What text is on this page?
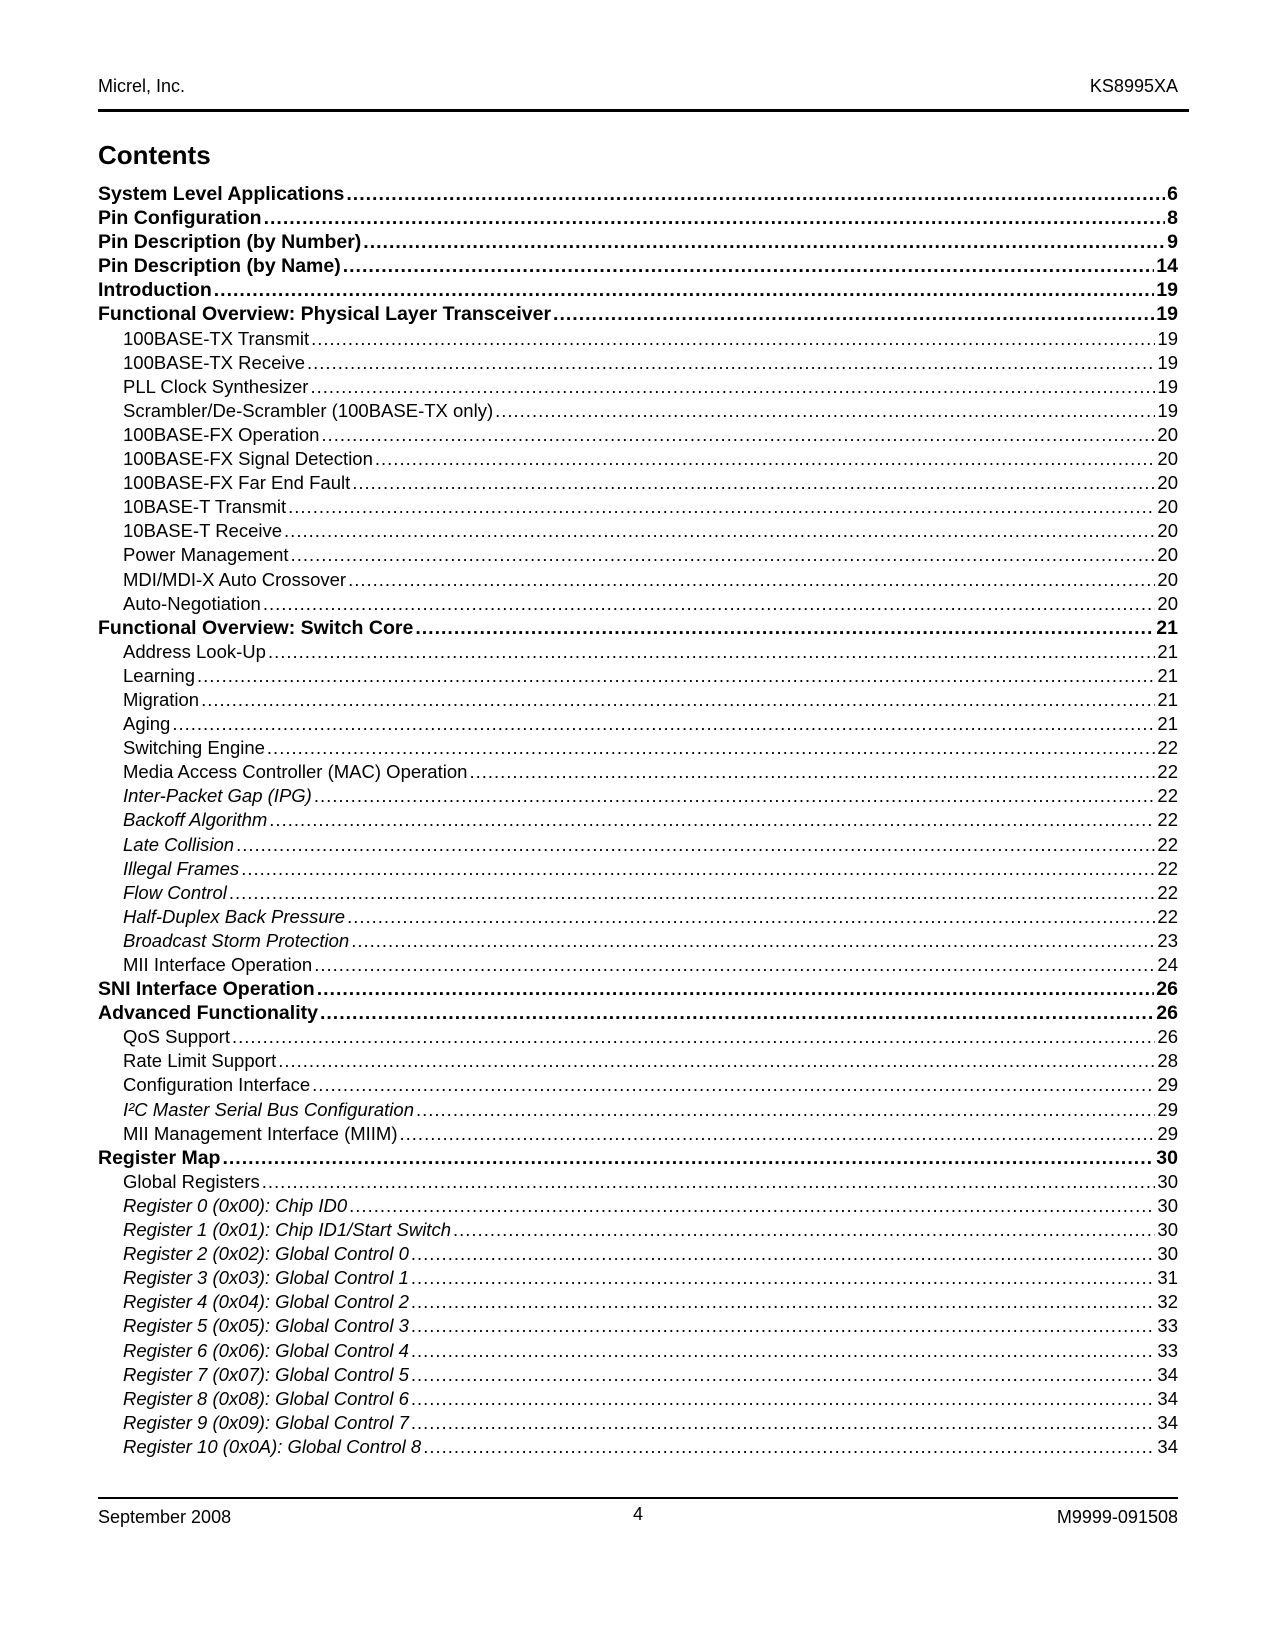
Micrel, Inc.	KS8995XA
Contents
System Level Applications .....	6
Pin Configuration .....	8
Pin Description (by Number) .....	9
Pin Description (by Name) .....	14
Introduction .....	19
Functional Overview: Physical Layer Transceiver .....	19
100BASE-TX Transmit .....	19
100BASE-TX Receive .....	19
PLL Clock Synthesizer .....	19
Scrambler/De-Scrambler (100BASE-TX only) .....	19
100BASE-FX Operation .....	20
100BASE-FX Signal Detection .....	20
100BASE-FX Far End Fault .....	20
10BASE-T Transmit .....	20
10BASE-T Receive .....	20
Power Management .....	20
MDI/MDI-X Auto Crossover .....	20
Auto-Negotiation .....	20
Functional Overview: Switch Core .....	21
Address Look-Up .....	21
Learning .....	21
Migration .....	21
Aging .....	21
Switching Engine .....	22
Media Access Controller (MAC) Operation .....	22
Inter-Packet Gap (IPG) .....	22
Backoff Algorithm .....	22
Late Collision .....	22
Illegal Frames .....	22
Flow Control .....	22
Half-Duplex Back Pressure .....	22
Broadcast Storm Protection .....	23
MII Interface Operation .....	24
SNI Interface Operation .....	26
Advanced Functionality .....	26
QoS Support .....	26
Rate Limit Support .....	28
Configuration Interface .....	29
I²C Master Serial Bus Configuration .....	29
MII Management Interface (MIIM) .....	29
Register Map .....	30
Global Registers .....	30
Register 0 (0x00): Chip ID0 .....	30
Register 1 (0x01): Chip ID1/Start Switch .....	30
Register 2 (0x02): Global Control 0 .....	30
Register 3 (0x03): Global Control 1 .....	31
Register 4 (0x04): Global Control 2 .....	32
Register 5 (0x05): Global Control 3 .....	33
Register 6 (0x06): Global Control 4 .....	33
Register 7 (0x07): Global Control 5 .....	34
Register 8 (0x08): Global Control 6 .....	34
Register 9 (0x09): Global Control 7 .....	34
Register 10 (0x0A): Global Control 8 .....	34
September 2008	4	M9999-091508
